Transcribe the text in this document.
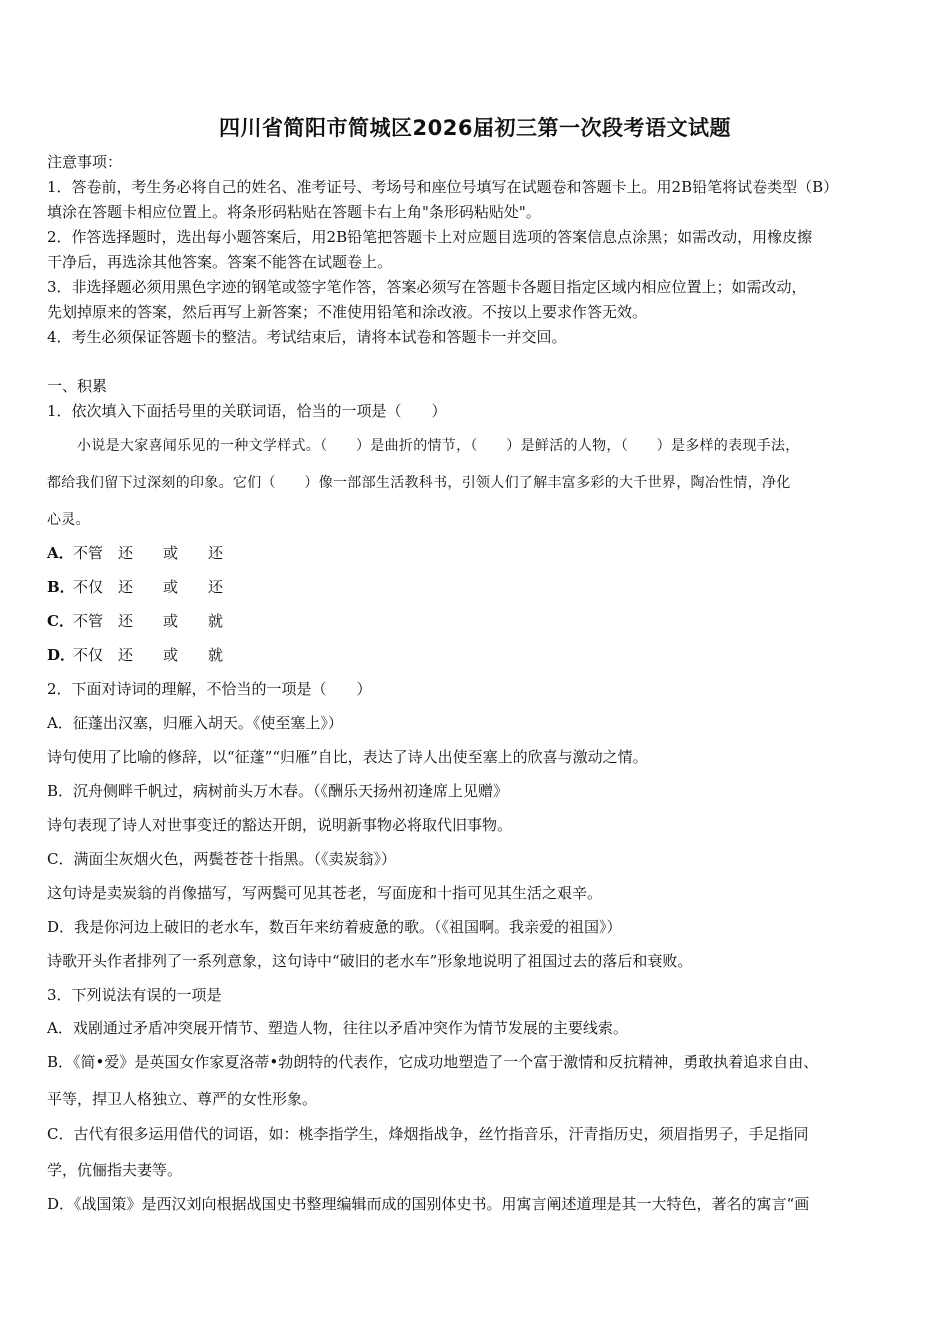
四川省简阳市简城区2026届初三第一次段考语文试题
注意事项：
1．答卷前，考生务必将自己的姓名、准考证号、考场号和座位号填写在试题卷和答题卡上。用2B铅笔将试卷类型（B）
填涂在答题卡相应位置上。将条形码粘贴在答题卡右上角"条形码粘贴处"。
2．作答选择题时，选出每小题答案后，用2B铅笔把答题卡上对应题目选项的答案信息点涂黑；如需改动，用橡皮擦
干净后，再选涂其他答案。答案不能答在试题卷上。
3．非选择题必须用黑色字迹的钢笔或签字笔作答，答案必须写在答题卡各题目指定区域内相应位置上；如需改动，
先划掉原来的答案，然后再写上新答案；不准使用铅笔和涂改液。不按以上要求作答无效。
4．考生必须保证答题卡的整洁。考试结束后，请将本试卷和答题卡一并交回。
一、积累
1．依次填入下面括号里的关联词语，恰当的一项是（　　）
小说是大家喜闻乐见的一种文学样式。（　　）是曲折的情节，（　　）是鲜活的人物，（　　）是多样的表现手法，
都给我们留下过深刻的印象。它们（　　）像一部部生活教科书，引领人们了解丰富多彩的大千世界，陶冶性情，净化
心灵。
A．不管　还　　或　　还
B．不仅　还　　或　　还
C．不管　还　　或　　就
D．不仅　还　　或　　就
2．下面对诗词的理解，不恰当的一项是（　　）
A．征蓬出汉塞，归雁入胡天。《使至塞上》）
诗句使用了比喻的修辞，以“征蓬”“归雁”自比，表达了诗人出使至塞上的欣喜与激动之情。
B．沉舟侧畔千帆过，病树前头万木春。（《酬乐天扬州初逢席上见赠》
诗句表现了诗人对世事变迁的豁达开朗，说明新事物必将取代旧事物。
C．满面尘灰烟火色，两鬓苍苍十指黑。（《卖炭翁》）
这句诗是卖炭翁的肖像描写，写两鬓可见其苍老，写面庞和十指可见其生活之艰辛。
D．我是你河边上破旧的老水车，数百年来纺着疲惫的歌。（《祖国啊。我亲爱的祖国》）
诗歌开头作者排列了一系列意象，这句诗中“破旧的老水车”形象地说明了祖国过去的落后和衰败。
3．下列说法有误的一项是
A．戏剧通过矛盾冲突展开情节、塑造人物，往往以矛盾冲突作为情节发展的主要线索。
B．《简•爱》是英国女作家夏洛蒂•勃朗特的代表作，它成功地塑造了一个富于激情和反抗精神，勇敢执着追求自由、
平等，捍卫人格独立、尊严的女性形象。
C．古代有很多运用借代的词语，如：桃李指学生，烽烟指战争，丝竹指音乐，汗青指历史，须眉指男子，手足指同
学，伉俪指夫妻等。
D．《战国策》是西汉刘向根据战国史书整理编辑而成的国别体史书。用寓言阐述道理是其一大特色，著名的寓言“画
